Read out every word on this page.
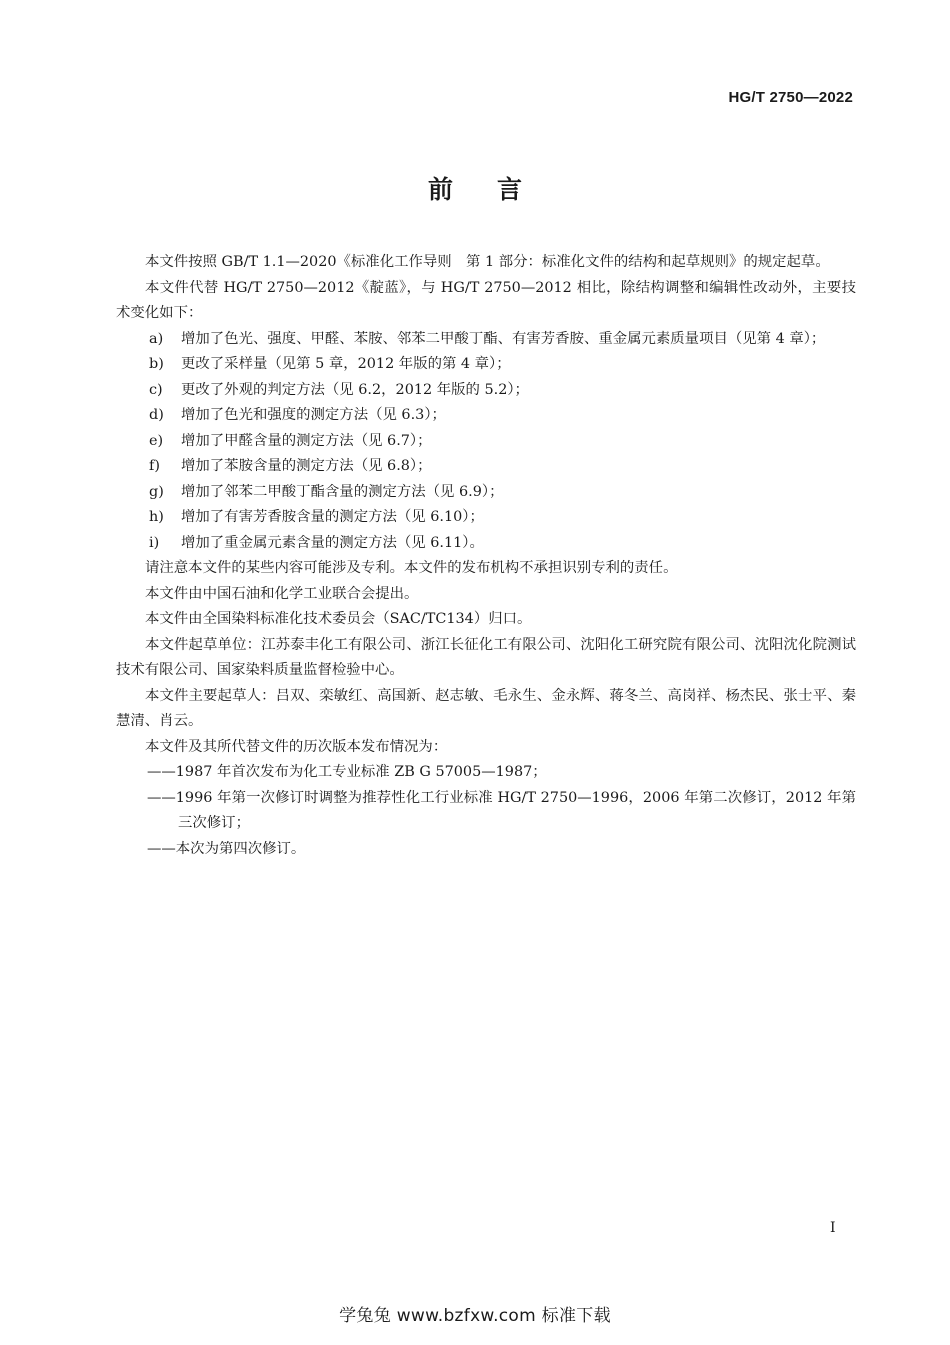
HG/T 2750—2022
前言

本文件按照 GB/T 1.1—2020《标准化工作导则　第 1 部分：标准化文件的结构和起草规则》的规定起草。

本文件代替 HG/T 2750—2012《靛蓝》，与 HG/T 2750—2012 相比，除结构调整和编辑性改动外，主要技术变化如下：

a) 增加了色光、强度、甲醛、苯胺、邻苯二甲酸丁酯、有害芳香胺、重金属元素质量项目（见第 4 章）；

b) 更改了采样量（见第 5 章，2012 年版的第 4 章）；

c) 更改了外观的判定方法（见 6.2，2012 年版的 5.2）；

d) 增加了色光和强度的测定方法（见 6.3）；

e) 增加了甲醛含量的测定方法（见 6.7）；

f) 增加了苯胺含量的测定方法（见 6.8）；

g) 增加了邻苯二甲酸丁酯含量的测定方法（见 6.9）；

h) 增加了有害芳香胺含量的测定方法（见 6.10）；

i) 增加了重金属元素含量的测定方法（见 6.11）。

请注意本文件的某些内容可能涉及专利。本文件的发布机构不承担识别专利的责任。

本文件由中国石油和化学工业联合会提出。

本文件由全国染料标准化技术委员会（SAC/TC134）归口。

本文件起草单位：江苏泰丰化工有限公司、浙江长征化工有限公司、沈阳化工研究院有限公司、沈阳沈化院测试技术有限公司、国家染料质量监督检验中心。

本文件主要起草人：吕双、栾敏红、高国新、赵志敏、毛永生、金永辉、蒋冬兰、高岗祥、杨杰民、张士平、秦慧清、肖云。

本文件及其所代替文件的历次版本发布情况为：

——1987 年首次发布为化工专业标准 ZB G 57005—1987；

——1996 年第一次修订时调整为推荐性化工行业标准 HG/T 2750—1996，2006 年第二次修订，2012 年第三次修订；

——本次为第四次修订。

I
学兔兔 www.bzfxw.com 标准下载
